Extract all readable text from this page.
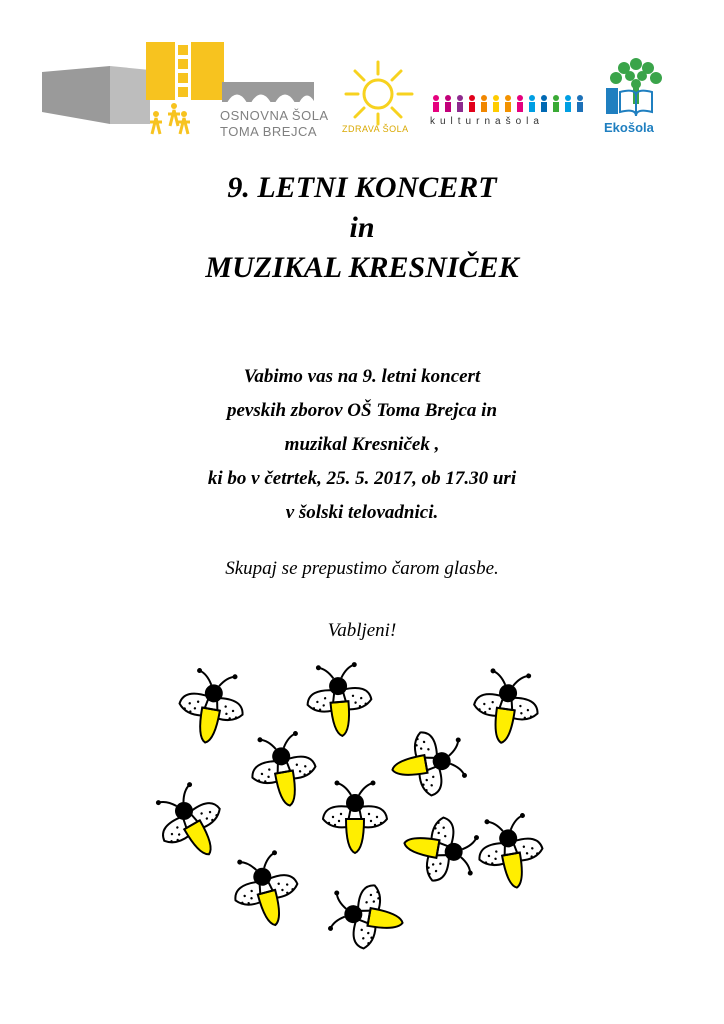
OSNOVNA ŠOLA
TOMA BREJCA	ZDRAVA ŠOLA
kulturnašola	Ekošola
9. LETNI KONCERT
in
MUZIKAL KRESNIČEK
Vabimo vas na 9. letni koncert
pevskih zborov OŠ Toma Brejca in
muzikal Kresniček ,
ki bo v četrtek, 25. 5. 2017, ob 17.30 uri
v šolski telovadnici.
Skupaj se prepustimo čarom glasbe.
Vabljeni!
